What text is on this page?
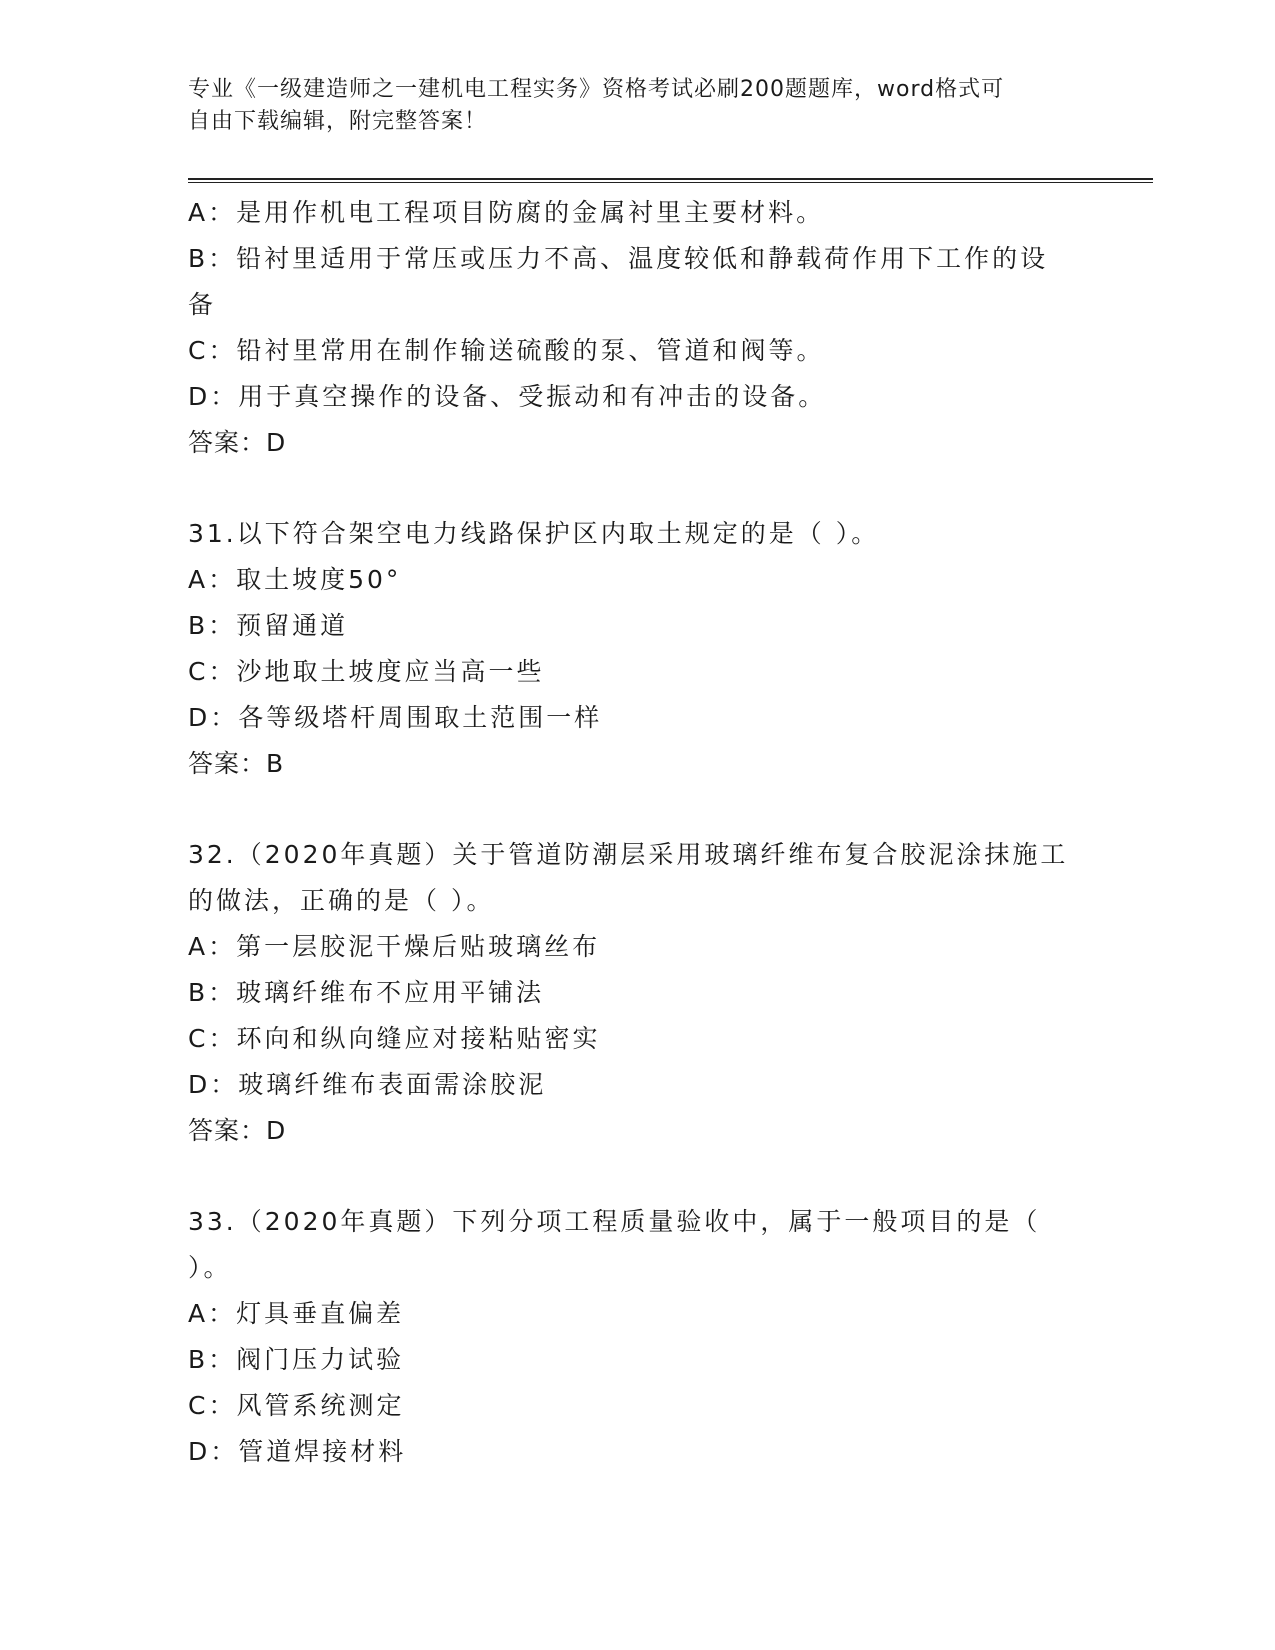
专业《一级建造师之一建机电工程实务》资格考试必刷200题题库，word格式可
自由下载编辑，附完整答案！
A：是用作机电工程项目防腐的金属衬里主要材料。
B：铅衬里适用于常压或压力不高、温度较低和静载荷作用下工作的设
备
C：铅衬里常用在制作输送硫酸的泵、管道和阀等。
D：用于真空操作的设备、受振动和有冲击的设备。
答案：D
31.以下符合架空电力线路保护区内取土规定的是（ ）。
A：取土坡度50°
B：预留通道
C：沙地取土坡度应当高一些
D：各等级塔杆周围取土范围一样
答案：B
32.（2020年真题）关于管道防潮层采用玻璃纤维布复合胶泥涂抹施工
的做法，正确的是（ ）。
A：第一层胶泥干燥后贴玻璃丝布
B：玻璃纤维布不应用平铺法
C：环向和纵向缝应对接粘贴密实
D：玻璃纤维布表面需涂胶泥
答案：D
33.（2020年真题）下列分项工程质量验收中，属于一般项目的是（
）。
A：灯具垂直偏差
B：阀门压力试验
C：风管系统测定
D：管道焊接材料
